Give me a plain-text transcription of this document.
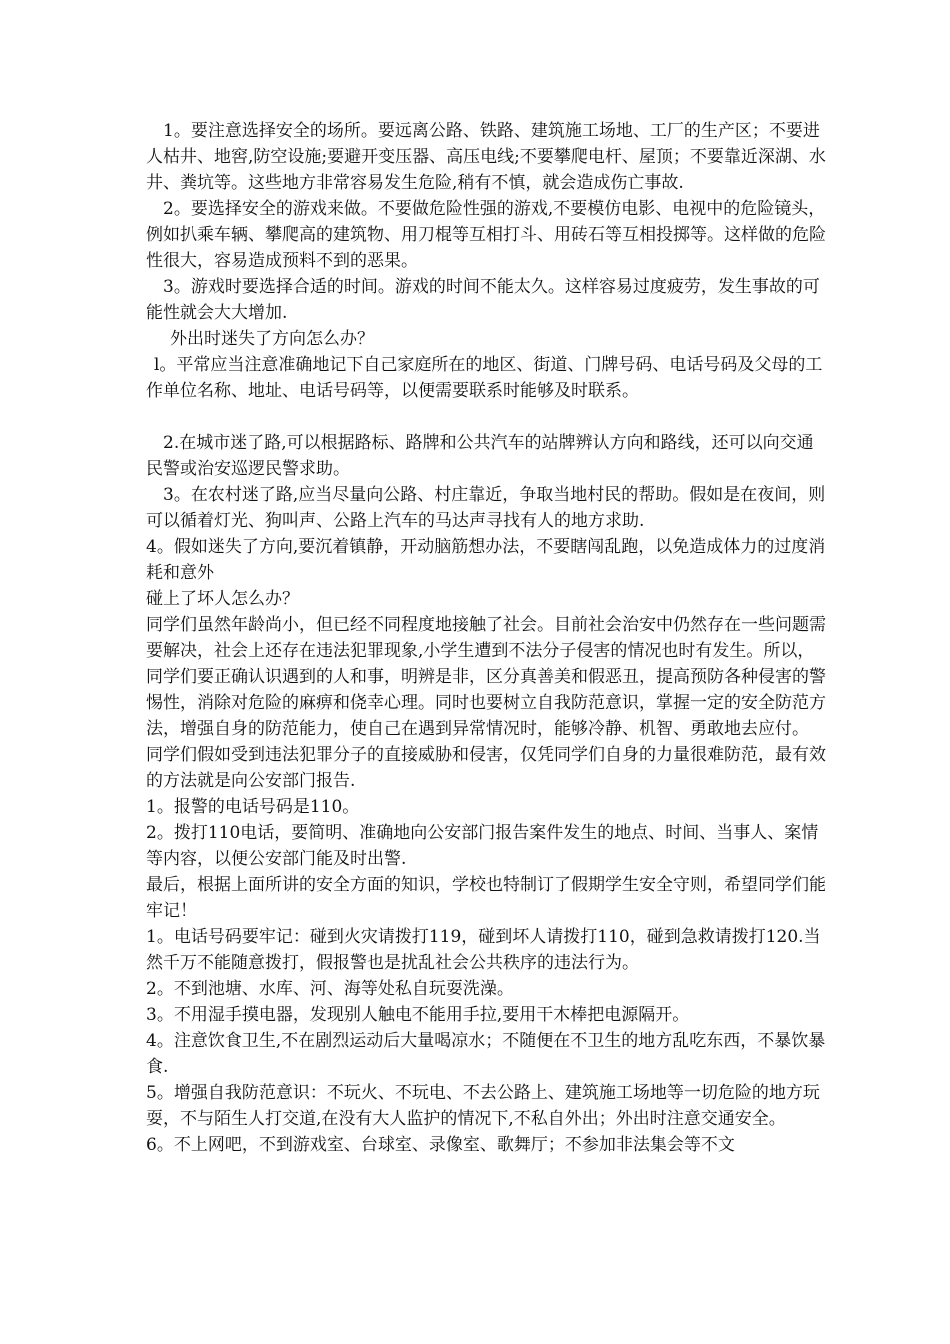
1。要注意选择安全的场所。要远离公路、铁路、建筑施工场地、工厂的生产区；不要进人枯井、地窖,防空设施;要避开变压器、高压电线;不要攀爬电杆、屋顶；不要靠近深湖、水井、粪坑等。这些地方非常容易发生危险,稍有不慎，就会造成伤亡事故.

2。要选择安全的游戏来做。不要做危险性强的游戏,不要模仿电影、电视中的危险镜头，例如扒乘车辆、攀爬高的建筑物、用刀棍等互相打斗、用砖石等互相投掷等。这样做的危险性很大，容易造成预料不到的恶果。

3。游戏时要选择合适的时间。游戏的时间不能太久。这样容易过度疲劳，发生事故的可能性就会大大增加.

外出时迷失了方向怎么办？

l。平常应当注意准确地记下自己家庭所在的地区、街道、门牌号码、电话号码及父母的工作单位名称、地址、电话号码等，以便需要联系时能够及时联系。

2.在城市迷了路,可以根据路标、路牌和公共汽车的站牌辨认方向和路线，还可以向交通民警或治安巡逻民警求助。

3。在农村迷了路,应当尽量向公路、村庄靠近，争取当地村民的帮助。假如是在夜间，则可以循着灯光、狗叫声、公路上汽车的马达声寻找有人的地方求助.

4。假如迷失了方向,要沉着镇静，开动脑筋想办法，不要瞎闯乱跑，以免造成体力的过度消耗和意外

碰上了坏人怎么办？

同学们虽然年龄尚小，但已经不同程度地接触了社会。目前社会治安中仍然存在一些问题需要解决，社会上还存在违法犯罪现象,小学生遭到不法分子侵害的情况也时有发生。所以，同学们要正确认识遇到的人和事，明辨是非，区分真善美和假恶丑，提高预防各种侵害的警惕性，消除对危险的麻痹和侥幸心理。同时也要树立自我防范意识，掌握一定的安全防范方法，增强自身的防范能力，使自己在遇到异常情况时，能够冷静、机智、勇敢地去应付。

同学们假如受到违法犯罪分子的直接威胁和侵害，仅凭同学们自身的力量很难防范，最有效的方法就是向公安部门报告.

1。报警的电话号码是110。

2。拨打110电话，要简明、准确地向公安部门报告案件发生的地点、时间、当事人、案情等内容，以便公安部门能及时出警.

最后，根据上面所讲的安全方面的知识，学校也特制订了假期学生安全守则，希望同学们能牢记！

1。电话号码要牢记：碰到火灾请拨打119，碰到坏人请拨打110，碰到急救请拨打120.当然千万不能随意拨打，假报警也是扰乱社会公共秩序的违法行为。

2。不到池塘、水库、河、海等处私自玩耍洗澡。

3。不用湿手摸电器，发现别人触电不能用手拉,要用干木棒把电源隔开。

4。注意饮食卫生,不在剧烈运动后大量喝凉水；不随便在不卫生的地方乱吃东西，不暴饮暴食.

5。增强自我防范意识：不玩火、不玩电、不去公路上、建筑施工场地等一切危险的地方玩耍，不与陌生人打交道,在没有大人监护的情况下,不私自外出；外出时注意交通安全。

6。不上网吧，不到游戏室、台球室、录像室、歌舞厅；不参加非法集会等不文
